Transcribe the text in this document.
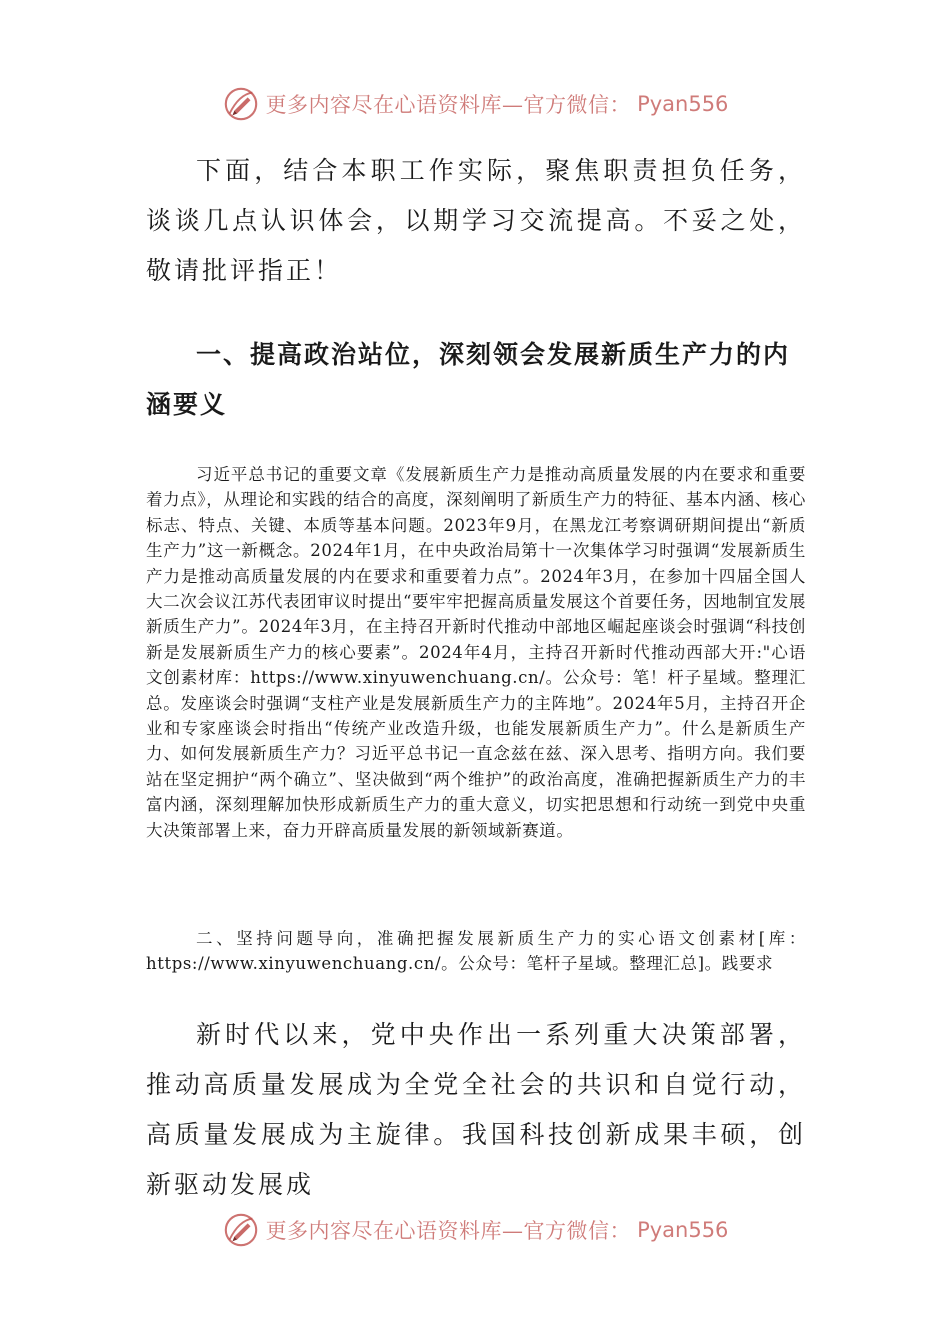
更多内容尽在心语资料库—官方微信： Pyan556

下面，结合本职工作实际，聚焦职责担负任务，谈谈几点认识体会，以期学习交流提高。不妥之处，敬请批评指正！

一、提高政治站位，深刻领会发展新质生产力的内涵要义

习近平总书记的重要文章《发展新质生产力是推动高质量发展的内在要求和重要着力点》，从理论和实践的结合的高度，深刻阐明了新质生产力的特征、基本内涵、核心标志、特点、关键、本质等基本问题。2023年9月，在黑龙江考察调研期间提出“新质生产力”这一新概念。2024年1月，在中央政治局第十一次集体学习时强调“发展新质生产力是推动高质量发展的内在要求和重要着力点”。2024年3月，在参加十四届全国人大二次会议江苏代表团审议时提出“要牢牢把握高质量发展这个首要任务，因地制宜发展新质生产力”。2024年3月，在主持召开新时代推动中部地区崛起座谈会时强调“科技创新是发展新质生产力的核心要素”。2024年4月，主持召开新时代推动西部大开:"心语文创素材库：https://www.xinyuwenchuang.cn/。公众号：笔！杆子星域。整理汇总。发座谈会时强调“支柱产业是发展新质生产力的主阵地”。2024年5月，主持召开企业和专家座谈会时指出“传统产业改造升级，也能发展新质生产力”。什么是新质生产力、如何发展新质生产力？习近平总书记一直念兹在兹、深入思考、指明方向。我们要站在坚定拥护“两个确立”、坚决做到“两个维护”的政治高度，准确把握新质生产力的丰富内涵，深刻理解加快形成新质生产力的重大意义，切实把思想和行动统一到党中央重大决策部署上来，奋力开辟高质量发展的新领域新赛道。

二、坚持问题导向，准确把握发展新质生产力的实心语文创素材[库：https://www.xinyuwenchuang.cn/。公众号：笔杆子星域。整理汇总]。践要求

新时代以来，党中央作出一系列重大决策部署，推动高质量发展成为全党全社会的共识和自觉行动，高质量发展成为主旋律。我国科技创新成果丰硕，创新驱动发展成

更多内容尽在心语资料库—官方微信： Pyan556
